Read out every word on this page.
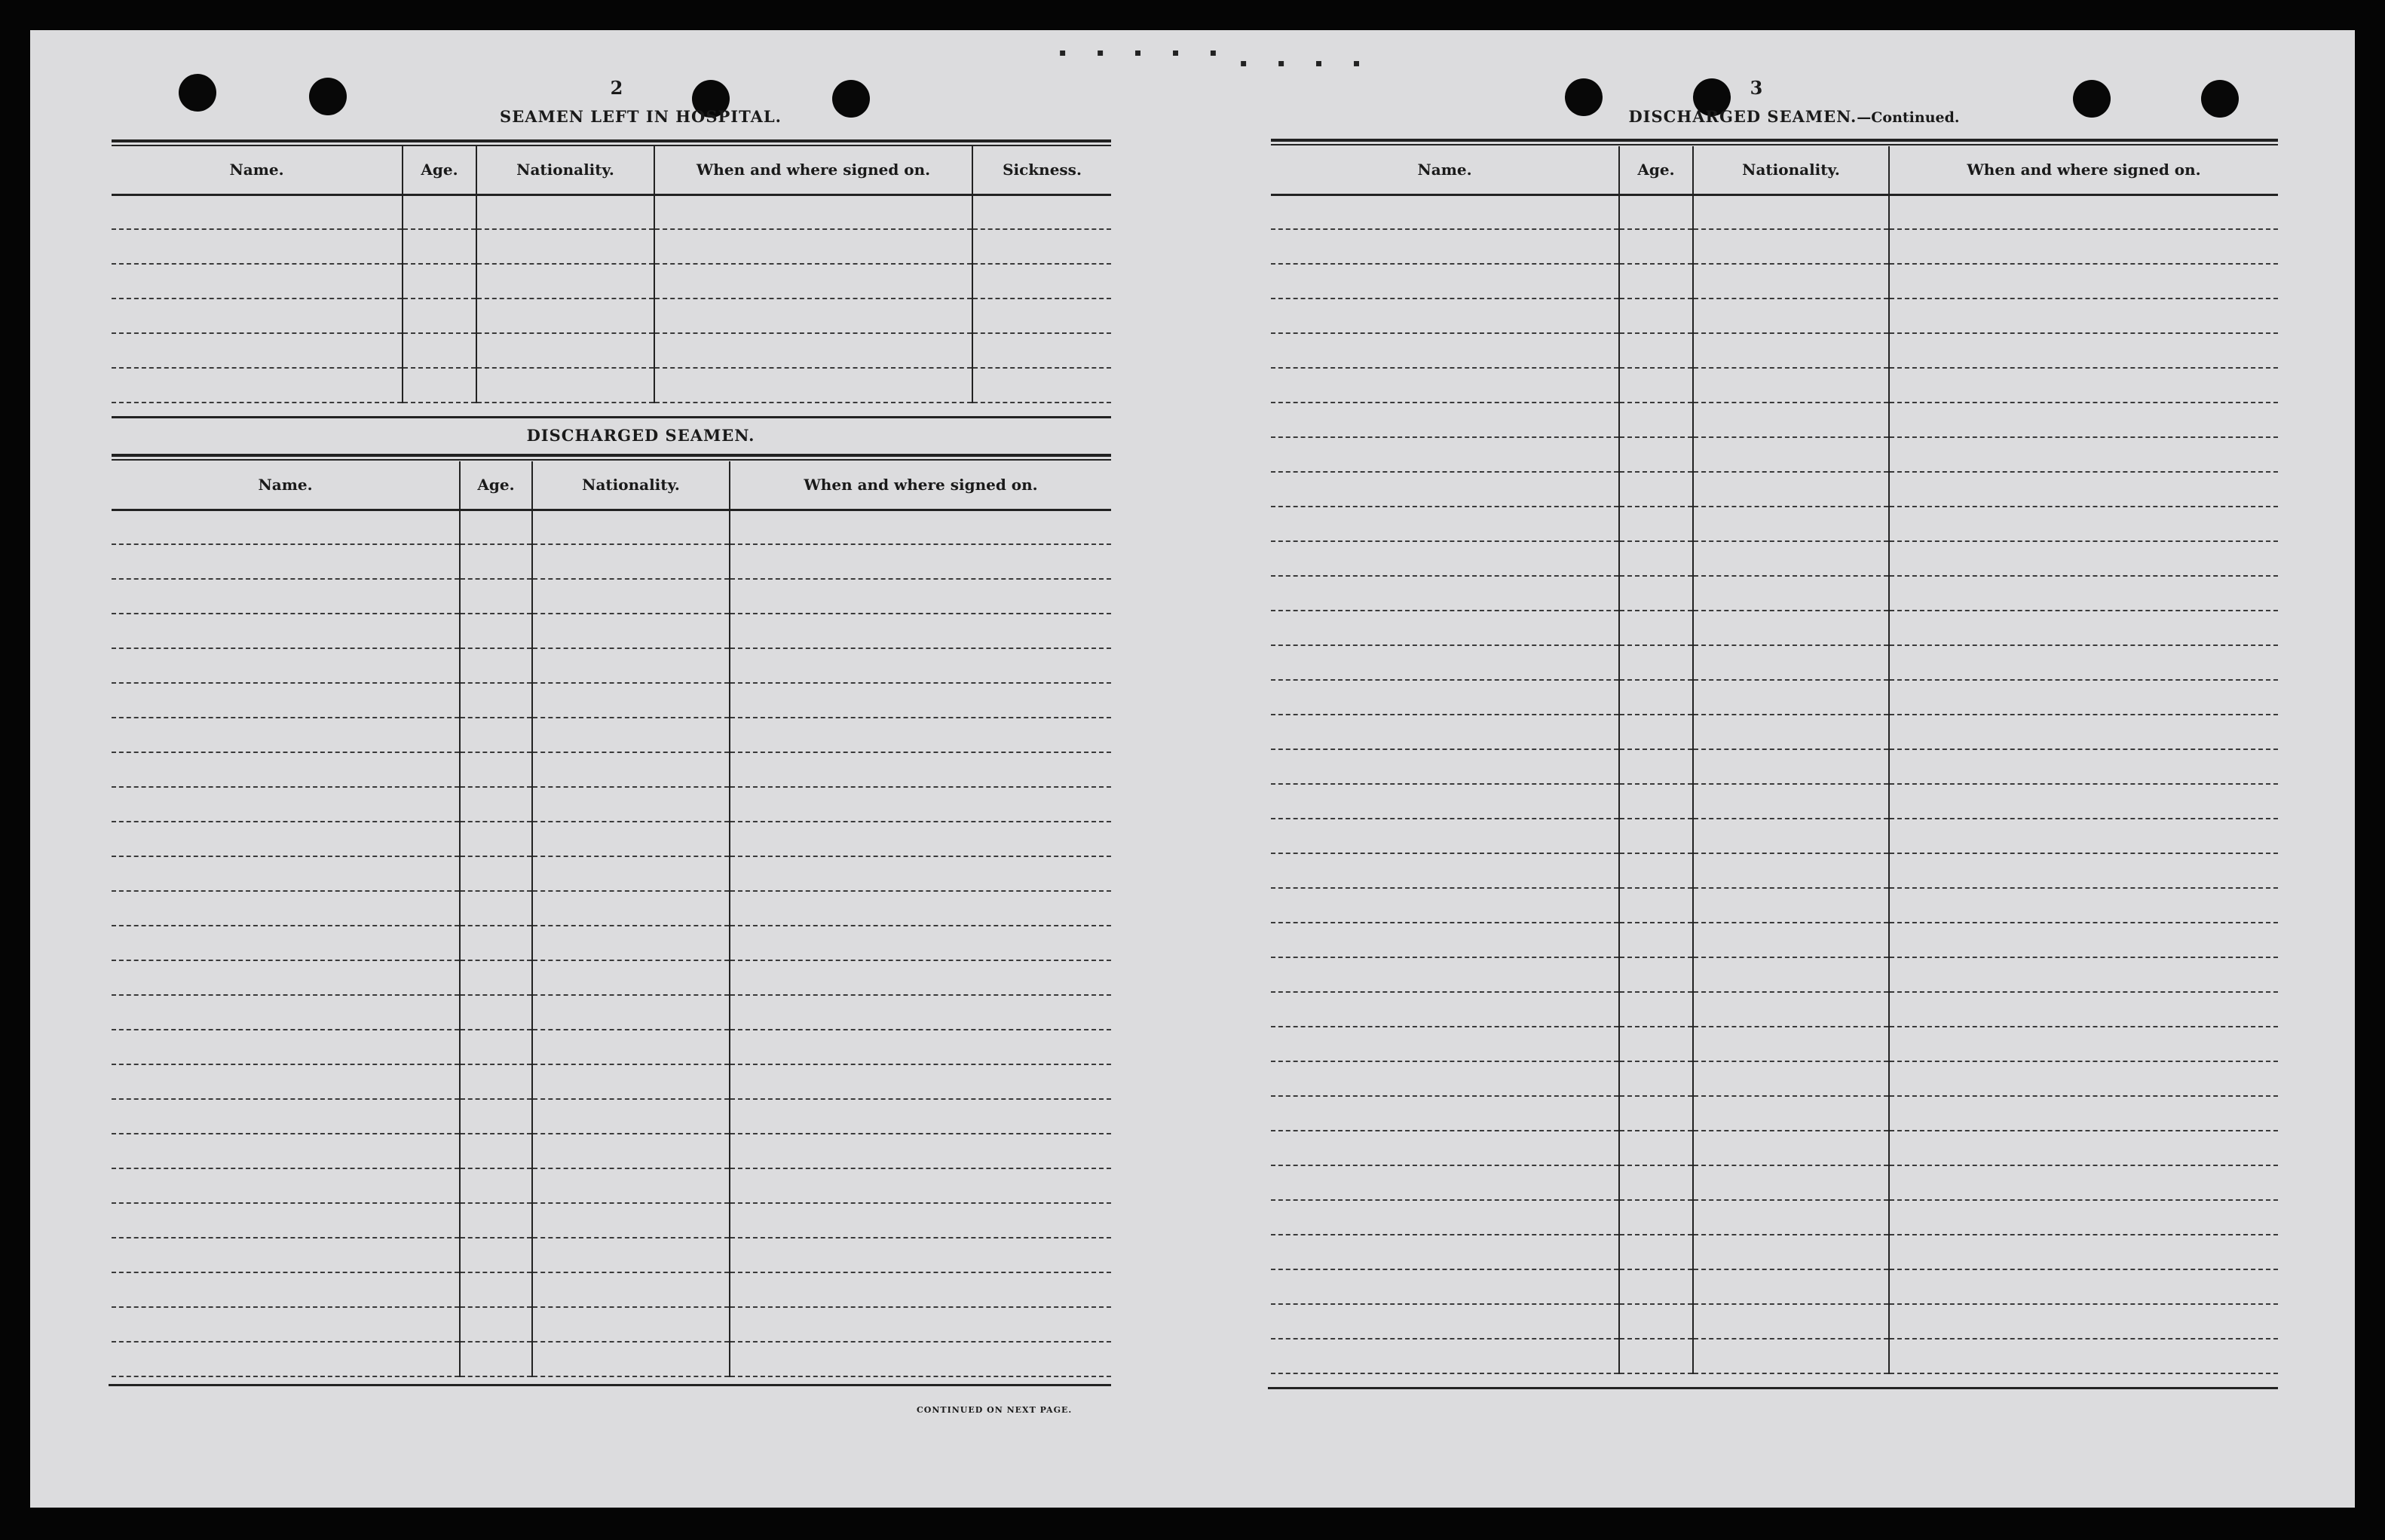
▪ ▪ ▪ ▪ ▪
▪ ▪ ▪ ▪
2
SEAMEN LEFT IN HOSPITAL.
Name.	Age.	Nationality.	When and where signed on.	Sickness.

DISCHARGED SEAMEN.
Name.	Age.	Nationality.	When and where signed on.

CONTINUED ON NEXT PAGE.
3
DISCHARGED SEAMEN.—Continued.
Name.	Age.	Nationality.	When and where signed on.
